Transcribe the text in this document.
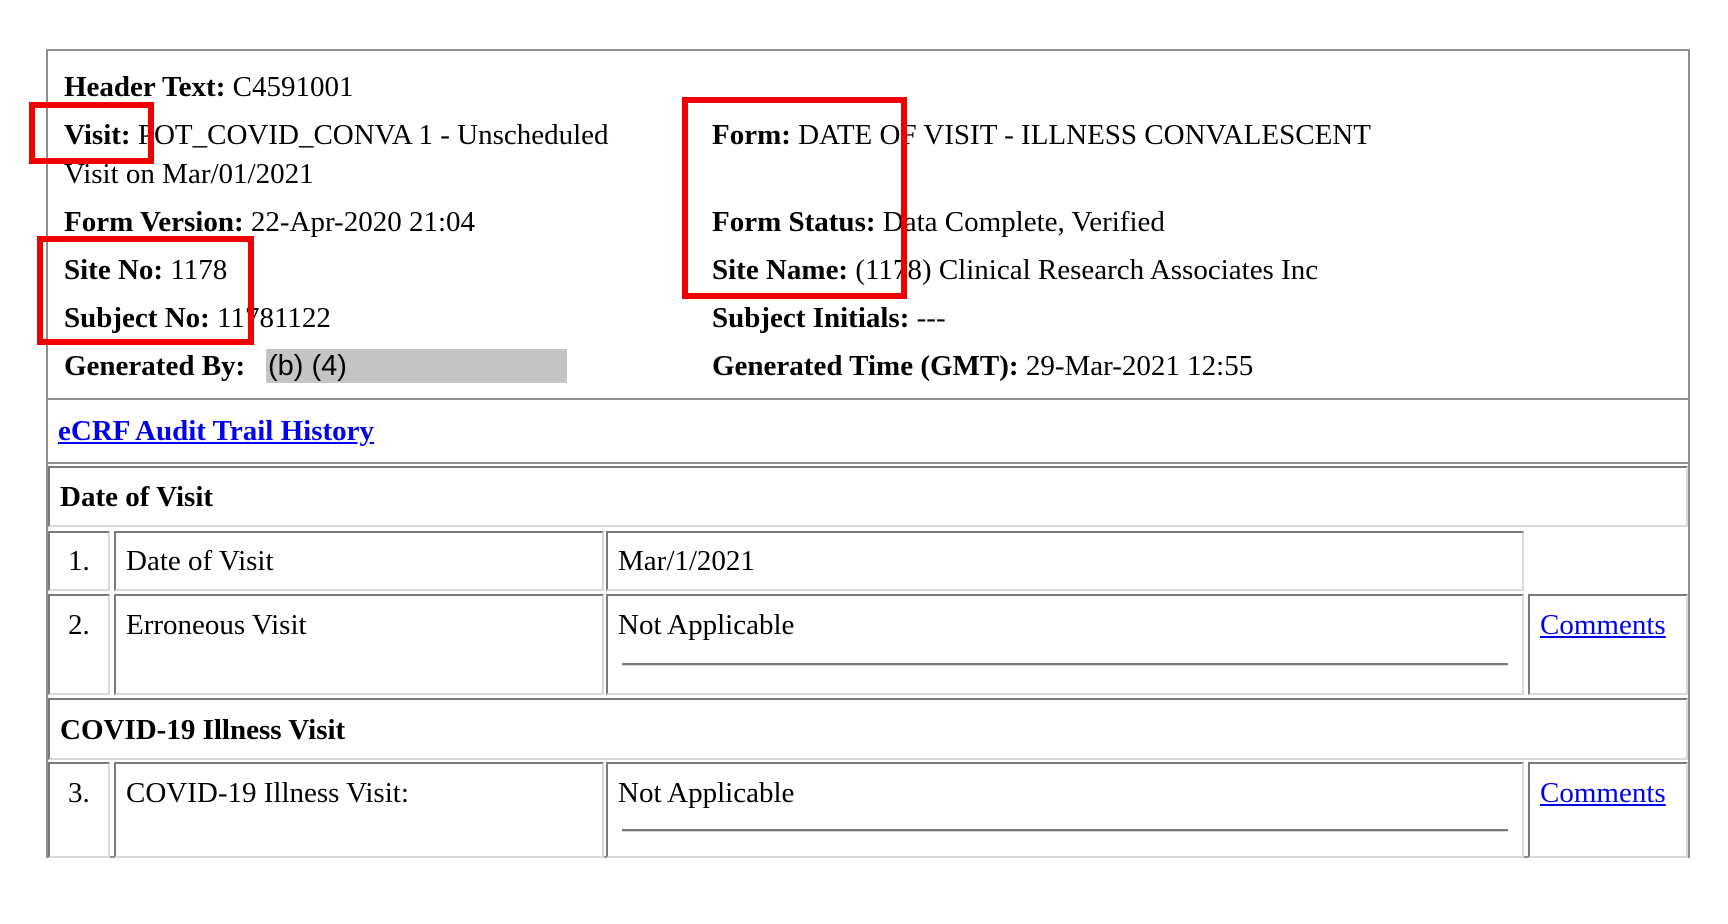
Header Text: C4591001
Visit: POT_COVID_CONVA 1 - Unscheduled
Visit on Mar/01/2021
Form Version: 22-Apr-2020 21:04
Site No: 1178
Subject No: 11781122
Generated By: (b) (4)
Form: DATE OF VISIT - ILLNESS CONVALESCENT
Form Status: Data Complete, Verified
Site Name: (1178) Clinical Research Associates Inc
Subject Initials: ---
Generated Time (GMT): 29-Mar-2021 12:55
eCRF Audit Trail History
Date of Visit
1. Date of Visit	Mar/1/2021
2. Erroneous Visit	Not Applicable	Comments
COVID-19 Illness Visit
3. COVID-19 Illness Visit:	Not Applicable	Comments
